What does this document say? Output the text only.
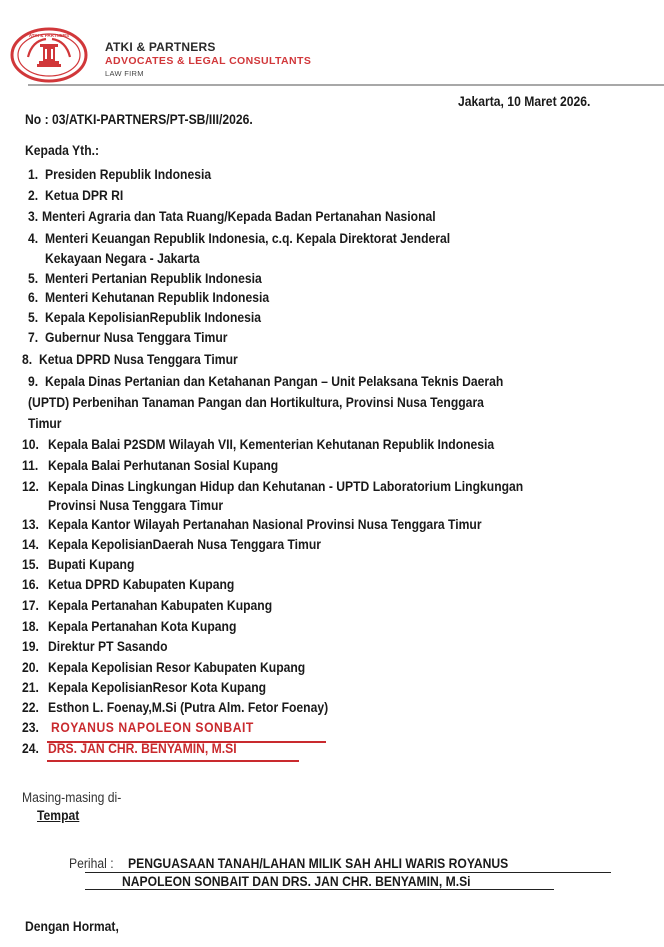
ATKI & PARTNERS
ATKI & PARTNERS
ADVOCATES & LEGAL CONSULTANTS
LAW FIRM
Jakarta, 10 Maret 2026.
No : 03/ATKI-PARTNERS/PT-SB/III/2026.
Kepada Yth.:
1. Presiden Republik Indonesia
2. Ketua DPR RI
3. Menteri Agraria dan Tata Ruang/Kepada Badan Pertanahan Nasional
4. Menteri Keuangan Republik Indonesia, c.q. Kepala Direktorat Jenderal
Kekayaan Negara - Jakarta
5. Menteri Pertanian Republik Indonesia
6. Menteri Kehutanan Republik Indonesia
5. Kepala KepolisianRepublik Indonesia
7. Gubernur Nusa Tenggara Timur
8. Ketua DPRD Nusa Tenggara Timur
9. Kepala Dinas Pertanian dan Ketahanan Pangan – Unit Pelaksana Teknis Daerah
(UPTD) Perbenihan Tanaman Pangan dan Hortikultura, Provinsi Nusa Tenggara
Timur
10. Kepala Balai P2SDM Wilayah VII, Kementerian Kehutanan Republik Indonesia
11. Kepala Balai Perhutanan Sosial Kupang
12. Kepala Dinas Lingkungan Hidup dan Kehutanan - UPTD Laboratorium Lingkungan
Provinsi Nusa Tenggara Timur
13. Kepala Kantor Wilayah Pertanahan Nasional Provinsi Nusa Tenggara Timur
14. Kepala KepolisianDaerah Nusa Tenggara Timur
15. Bupati Kupang
16. Ketua DPRD Kabupaten Kupang
17. Kepala Pertanahan Kabupaten Kupang
18. Kepala Pertanahan Kota Kupang
19. Direktur PT Sasando
20. Kepala Kepolisian Resor Kabupaten Kupang
21. Kepala KepolisianResor Kota Kupang
22. Esthon L. Foenay,M.Si (Putra Alm. Fetor Foenay)
23. ROYANUS NAPOLEON SONBAIT
24. DRS. JAN CHR. BENYAMIN, M.SI
Masing-masing di-
Tempat
Perihal : PENGUASAAN TANAH/LAHAN MILIK SAH AHLI WARIS ROYANUS
NAPOLEON SONBAIT DAN DRS. JAN CHR. BENYAMIN, M.Si
Dengan Hormat,
